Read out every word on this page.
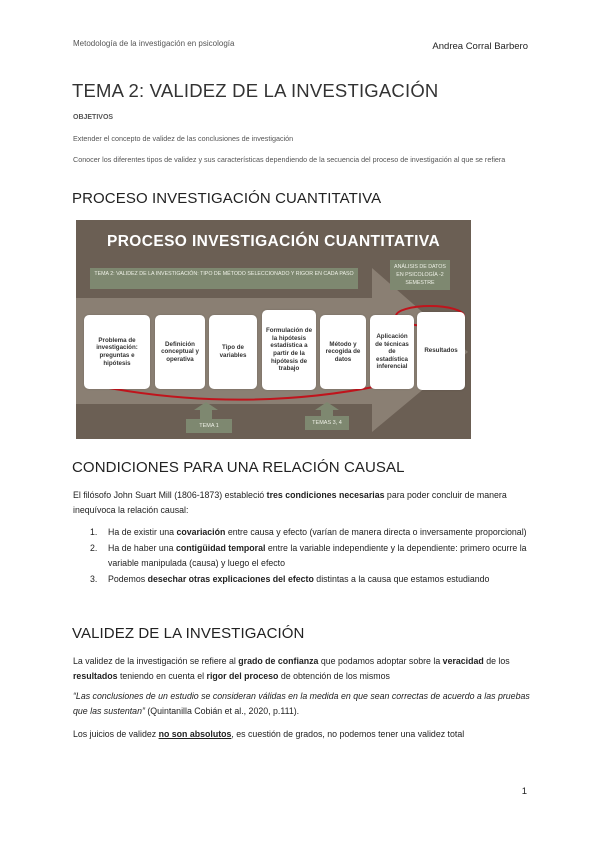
Metodología de la investigación en psicología	Andrea Corral Barbero
TEMA 2: VALIDEZ DE LA INVESTIGACIÓN
OBJETIVOS
Extender el concepto de validez de las conclusiones de investigación
Conocer los diferentes tipos de validez y sus características dependiendo de la secuencia del proceso de investigación al que se refiera
PROCESO INVESTIGACIÓN CUANTITATIVA
PROCESO INVESTIGACIÓN CUANTITATIVA
TEMA 2: VALIDEZ DE LA INVESTIGACIÓN: TIPO DE MÉTODO SELECCIONADO Y RIGOR EN CADA PASO
ANÁLISIS DE DATOS EN PSICOLOGÍA -2 SEMESTRE
Problema de investigación: preguntas e hipótesis
Definición conceptual y operativa
Tipo de variables
Formulación de la hipótesis estadística a partir de la hipótesis de trabajo
Método y recogida de datos
Aplicación de técnicas de estadística inferencial
Resultados
TEMA 1	TEMAS 3, 4
CONDICIONES PARA UNA RELACIÓN CAUSAL
El filósofo John Suart Mill (1806-1873) estableció tres condiciones necesarias para poder concluir de manera inequívoca la relación causal:
1. Ha de existir una covariación entre causa y efecto (varían de manera directa o inversamente proporcional)
2. Ha de haber una contigüidad temporal entre la variable independiente y la dependiente: primero ocurre la variable manipulada (causa) y luego el efecto
3. Podemos desechar otras explicaciones del efecto distintas a la causa que estamos estudiando
VALIDEZ DE LA INVESTIGACIÓN
La validez de la investigación se refiere al grado de confianza que podamos adoptar sobre la veracidad de los resultados teniendo en cuenta el rigor del proceso de obtención de los mismos
“Las conclusiones de un estudio se consideran válidas en la medida en que sean correctas de acuerdo a las pruebas que las sustentan” (Quintanilla Cobián et al., 2020, p.111).
Los juicios de validez no son absolutos, es cuestión de grados, no podemos tener una validez total
1
